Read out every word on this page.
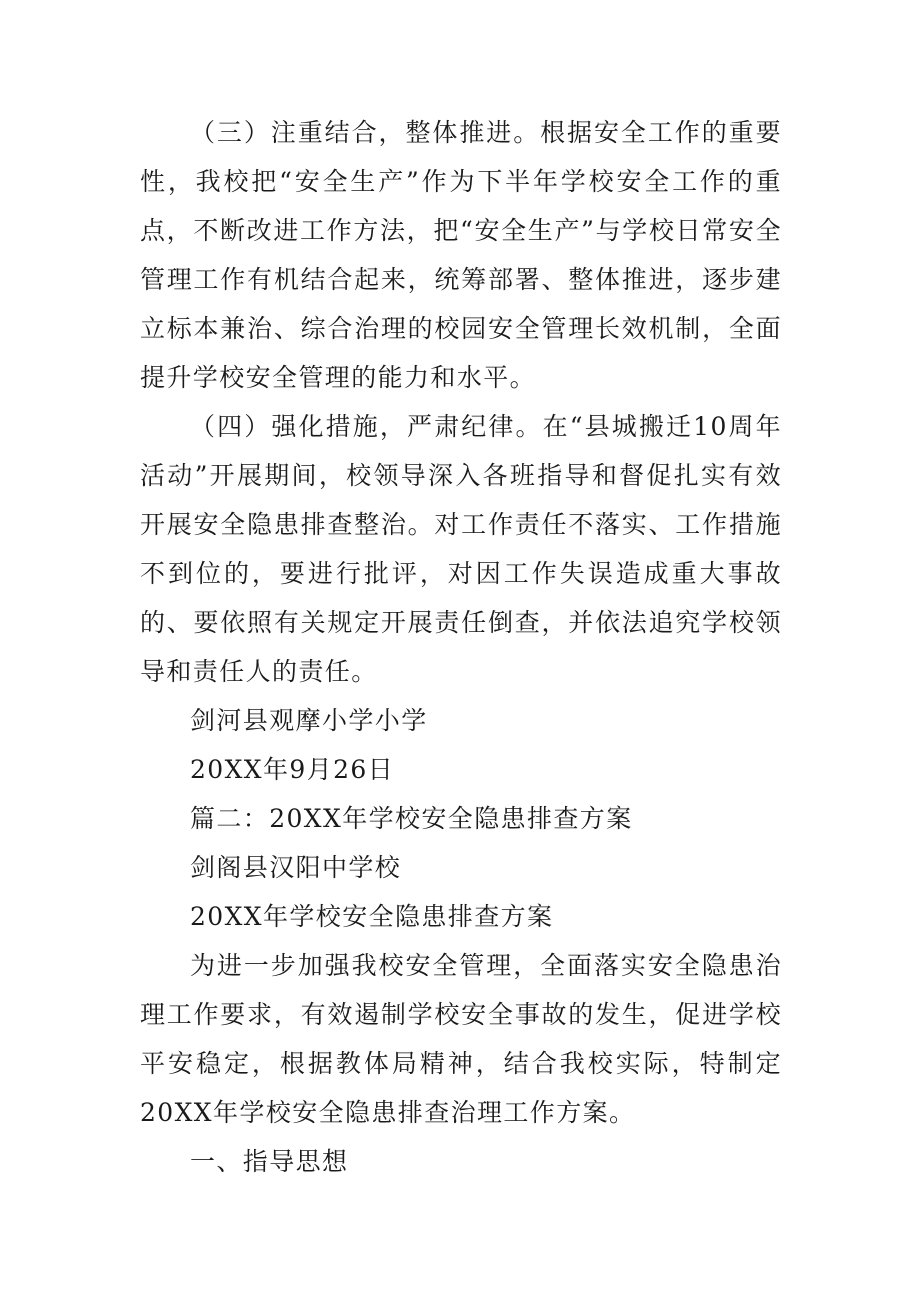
（三）注重结合，整体推进。根据安全工作的重要性，我校把“安全生产”作为下半年学校安全工作的重点，不断改进工作方法，把“安全生产”与学校日常安全管理工作有机结合起来，统筹部署、整体推进，逐步建立标本兼治、综合治理的校园安全管理长效机制，全面提升学校安全管理的能力和水平。

（四）强化措施，严肃纪律。在“县城搬迁10周年活动”开展期间，校领导深入各班指导和督促扎实有效开展安全隐患排查整治。对工作责任不落实、工作措施不到位的，要进行批评，对因工作失误造成重大事故的、要依照有关规定开展责任倒查，并依法追究学校领导和责任人的责任。

剑河县观摩小学小学

20XX年9月26日

篇二：20XX年学校安全隐患排查方案

剑阁县汉阳中学校

20XX年学校安全隐患排查方案

为进一步加强我校安全管理，全面落实安全隐患治理工作要求，有效遏制学校安全事故的发生，促进学校平安稳定，根据教体局精神，结合我校实际，特制定20XX年学校安全隐患排查治理工作方案。

一、指导思想
